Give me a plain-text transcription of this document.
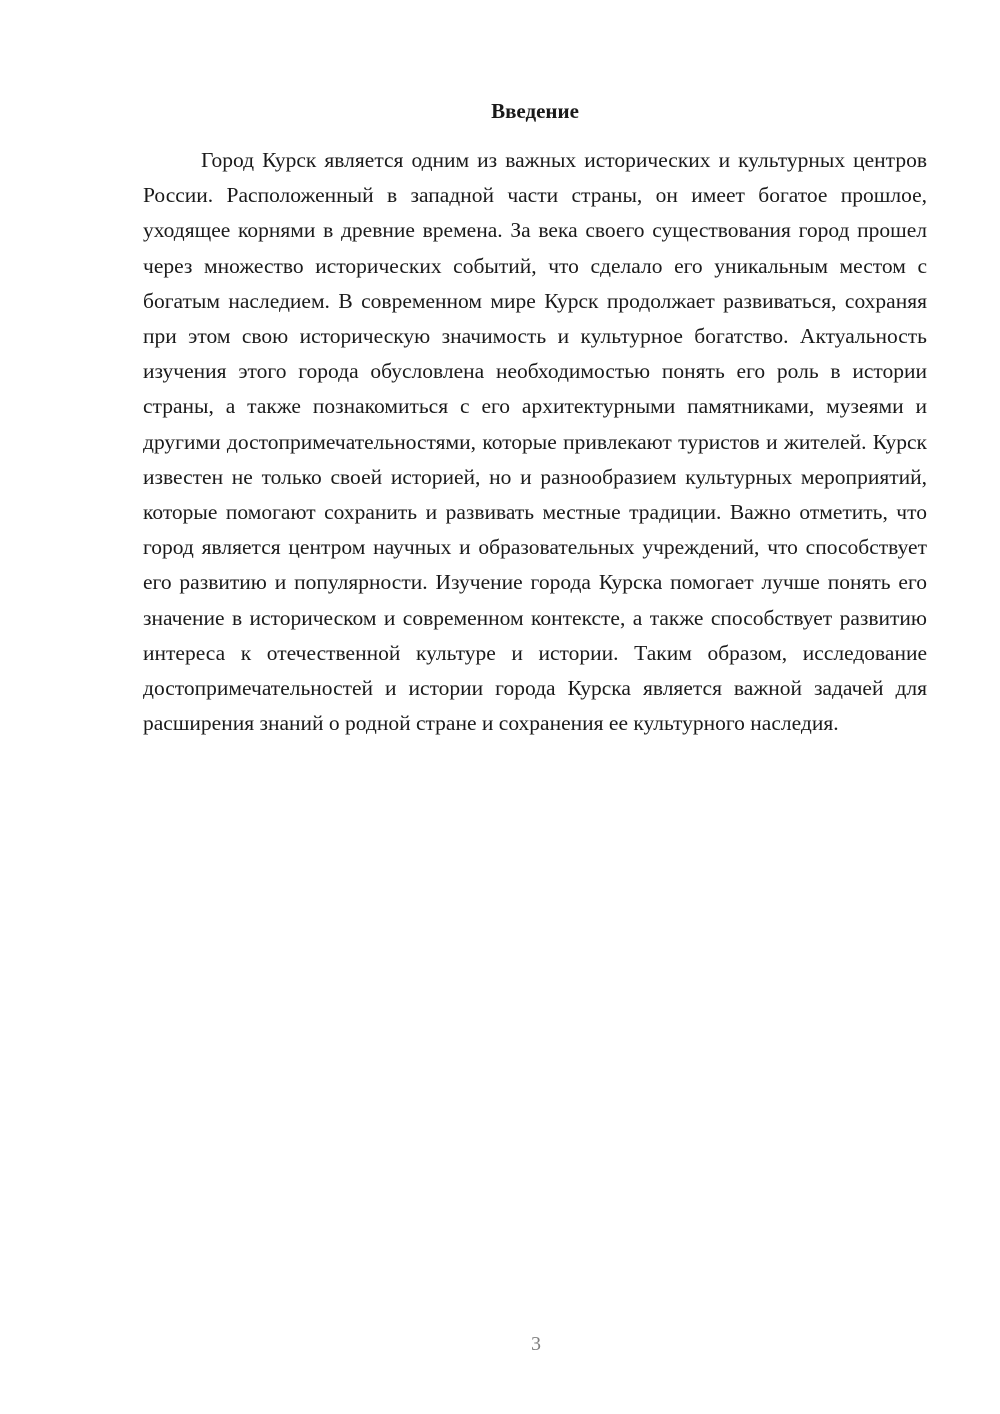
Введение

Город Курск является одним из важных исторических и культурных центров России. Расположенный в западной части страны, он имеет богатое прошлое, уходящее корнями в древние времена. За века своего существования город прошел через множество исторических событий, что сделало его уникальным местом с богатым наследием. В современном мире Курск продолжает развиваться, сохраняя при этом свою историческую значимость и культурное богатство. Актуальность изучения этого города обусловлена необходимостью понять его роль в истории страны, а также познакомиться с его архитектурными памятниками, музеями и другими достопримечательностями, которые привлекают туристов и жителей. Курск известен не только своей историей, но и разнообразием культурных мероприятий, которые помогают сохранить и развивать местные традиции. Важно отметить, что город является центром научных и образовательных учреждений, что способствует его развитию и популярности. Изучение города Курска помогает лучше понять его значение в историческом и современном контексте, а также способствует развитию интереса к отечественной культуре и истории. Таким образом, исследование достопримечательностей и истории города Курска является важной задачей для расширения знаний о родной стране и сохранения ее культурного наследия.

3
